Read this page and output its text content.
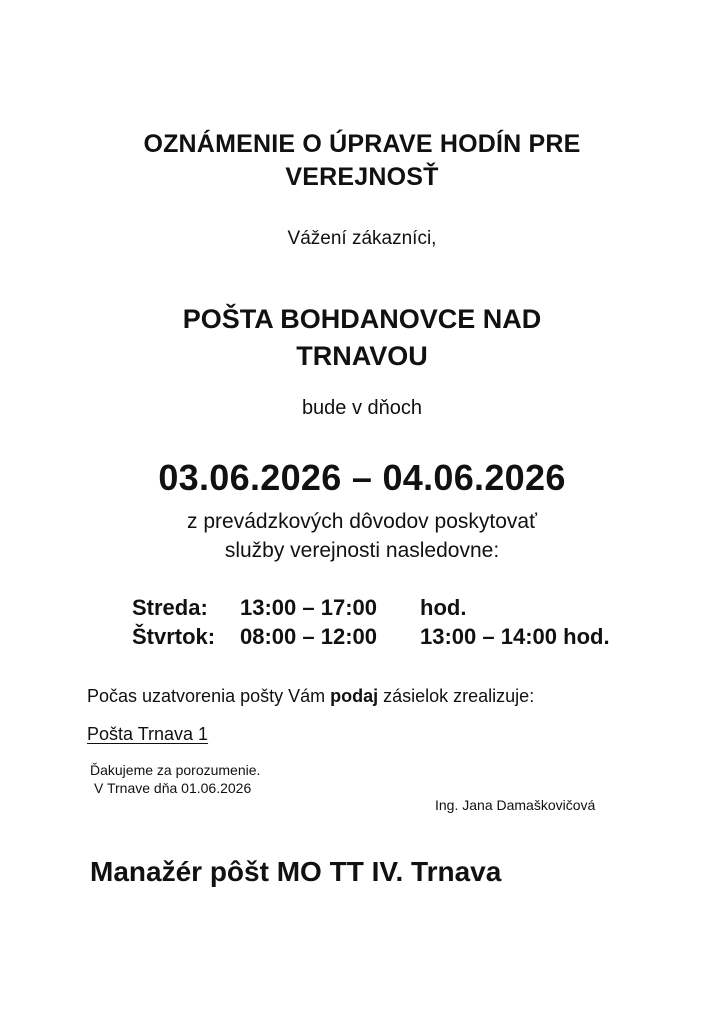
OZNÁMENIE O ÚPRAVE HODÍN PRE
VEREJNOSŤ
Vážení zákazníci,
POŠTA BOHDANOVCE NAD
TRNAVOU
bude v dňoch
03.06.2026 – 04.06.2026
z prevádzkových dôvodov poskytovať
služby verejnosti nasledovne:
Streda: 13:00 – 17:00 hod.
Štvrtok: 08:00 – 12:00 13:00 – 14:00 hod.
Počas uzatvorenia pošty Vám podaj zásielok zrealizuje:
Pošta Trnava 1
Ďakujeme za porozumenie.
V Trnave dňa 01.06.2026
Ing. Jana Damaškovičová
Manažér pôšt MO TT IV. Trnava
